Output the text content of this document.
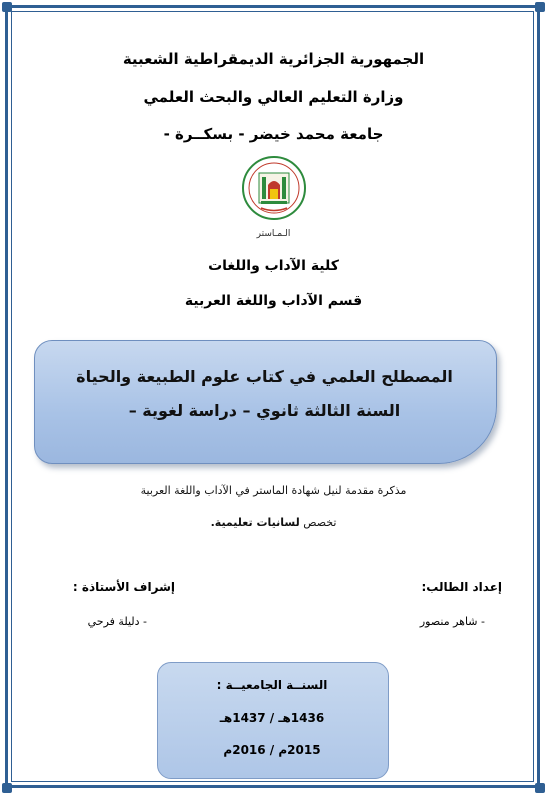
الجمهورية الجزائرية الديمقراطية الشعبية
وزارة التعليم العالي والبحث العلمي
جامعة محمد خيضر - بسكــرة -
الـمـاستر
كلية الآداب واللغات
قسم الآداب واللغة العربية
المصطلح العلمي في كتاب علوم الطبيعة والحياة
السنة الثالثة ثانوي – دراسة لغوية –
مذكرة مقدمة لنيل شهادة الماستر في الآداب واللغة العربية
تخصص لسانيات تعليمية.
إعداد الطالب:
إشراف الأستاذة :
- شاهر منصور
- دليلة فرحي
السنــة الجامعيــة :
1436هـ / 1437هـ
2015م / 2016م
